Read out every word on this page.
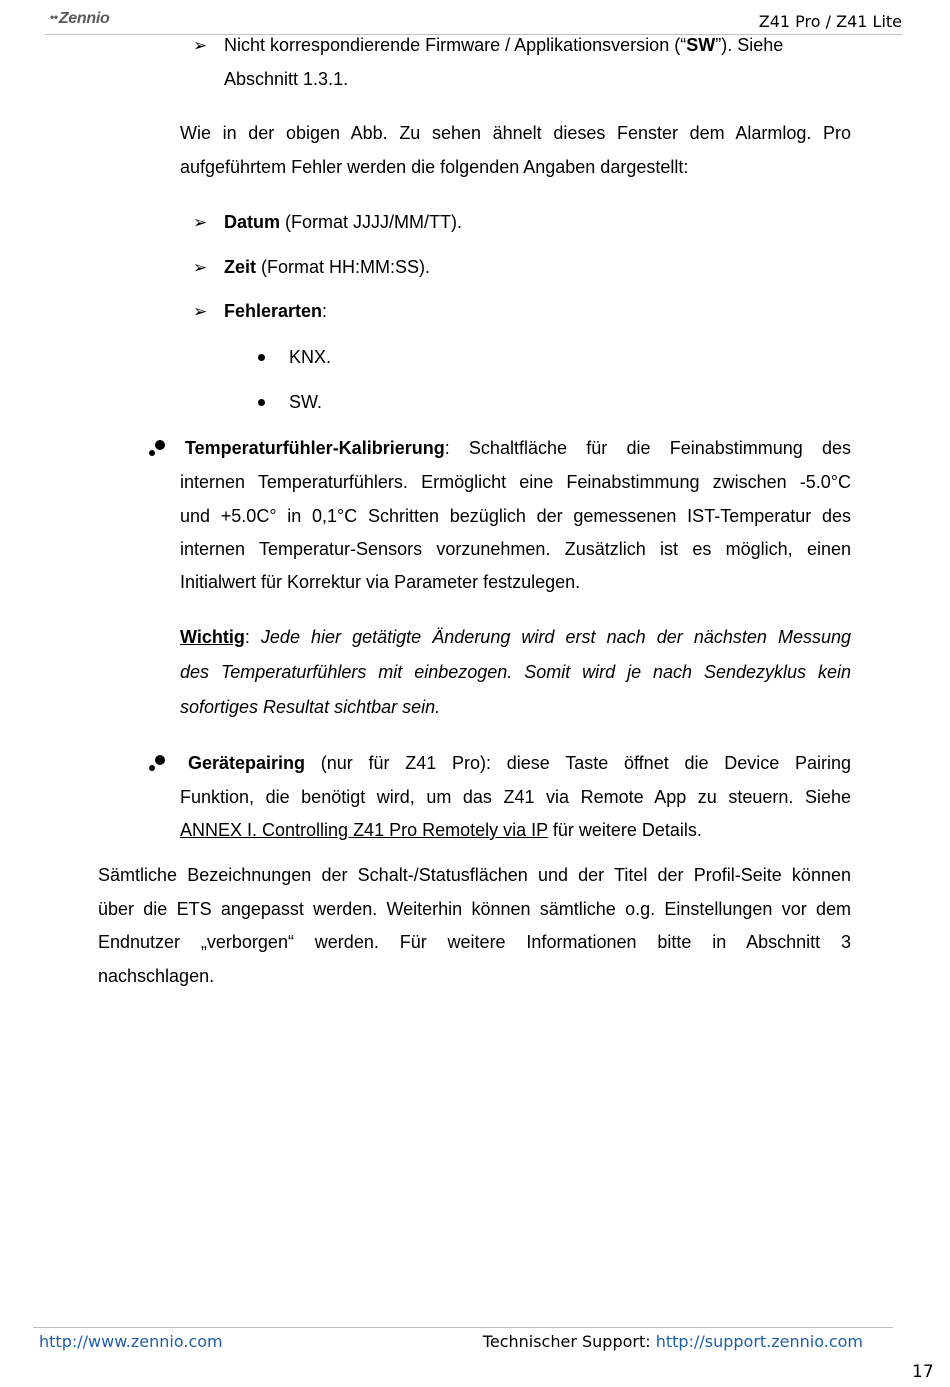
••Zennio	Z41 Pro / Z41 Lite
➢ Nicht korrespondierende Firmware / Applikationsversion (“SW”). Siehe
Abschnitt 1.3.1.
Wie in der obigen Abb. Zu sehen ähnelt dieses Fenster dem Alarmlog. Pro
aufgeführtem Fehler werden die folgenden Angaben dargestellt:
➢ Datum (Format JJJJ/MM/TT).
➢ Zeit (Format HH:MM:SS).
➢ Fehlerarten:
KNX.
SW.
Temperaturfühler-Kalibrierung: Schaltfläche für die Feinabstimmung des
internen Temperaturfühlers. Ermöglicht eine Feinabstimmung zwischen -5.0°C
und +5.0C° in 0,1°C Schritten bezüglich der gemessenen IST-Temperatur des
internen Temperatur-Sensors vorzunehmen. Zusätzlich ist es möglich, einen
Initialwert für Korrektur via Parameter festzulegen.
Wichtig: Jede hier getätigte Änderung wird erst nach der nächsten Messung
des Temperaturfühlers mit einbezogen. Somit wird je nach Sendezyklus kein
sofortiges Resultat sichtbar sein.
Gerätepairing (nur für Z41 Pro): diese Taste öffnet die Device Pairing
Funktion, die benötigt wird, um das Z41 via Remote App zu steuern. Siehe
ANNEX I. Controlling Z41 Pro Remotely via IP für weitere Details.
Sämtliche Bezeichnungen der Schalt-/Statusflächen und der Titel der Profil-Seite können
über die ETS angepasst werden. Weiterhin können sämtliche o.g. Einstellungen vor dem
Endnutzer „verborgen“ werden. Für weitere Informationen bitte in Abschnitt 3
nachschlagen.
http://www.zennio.com	Technischer Support: http://support.zennio.com
17
